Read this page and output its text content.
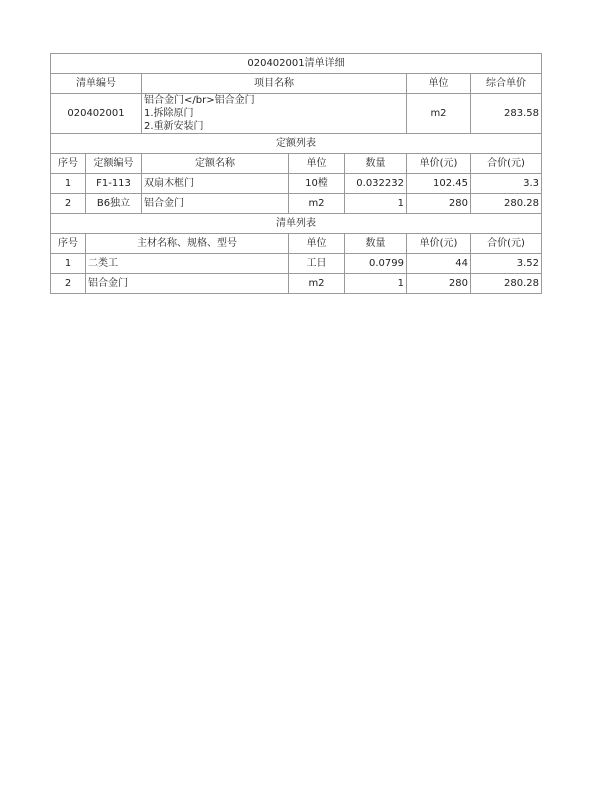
020402001清单详细						
清单编号		项目名称			单位	综合单价
020402001		铝合金门</br>铝合金门
1.拆除原门
2.重新安装门			m2	283.58
定额列表						
序号	定额编号	定额名称	单位	数量	单价(元)	合价(元)
1	F1-113	双扇木框门	10樘	0.032232	102.45	3.3
2	B6独立	铝合金门	m2	1	280	280.28
清单列表						
序号	主材名称、规格、型号		单位	数量	单价(元)	合价(元)
1	二类工		工日	0.0799	44	3.52
2	铝合金门		m2	1	280	280.28
